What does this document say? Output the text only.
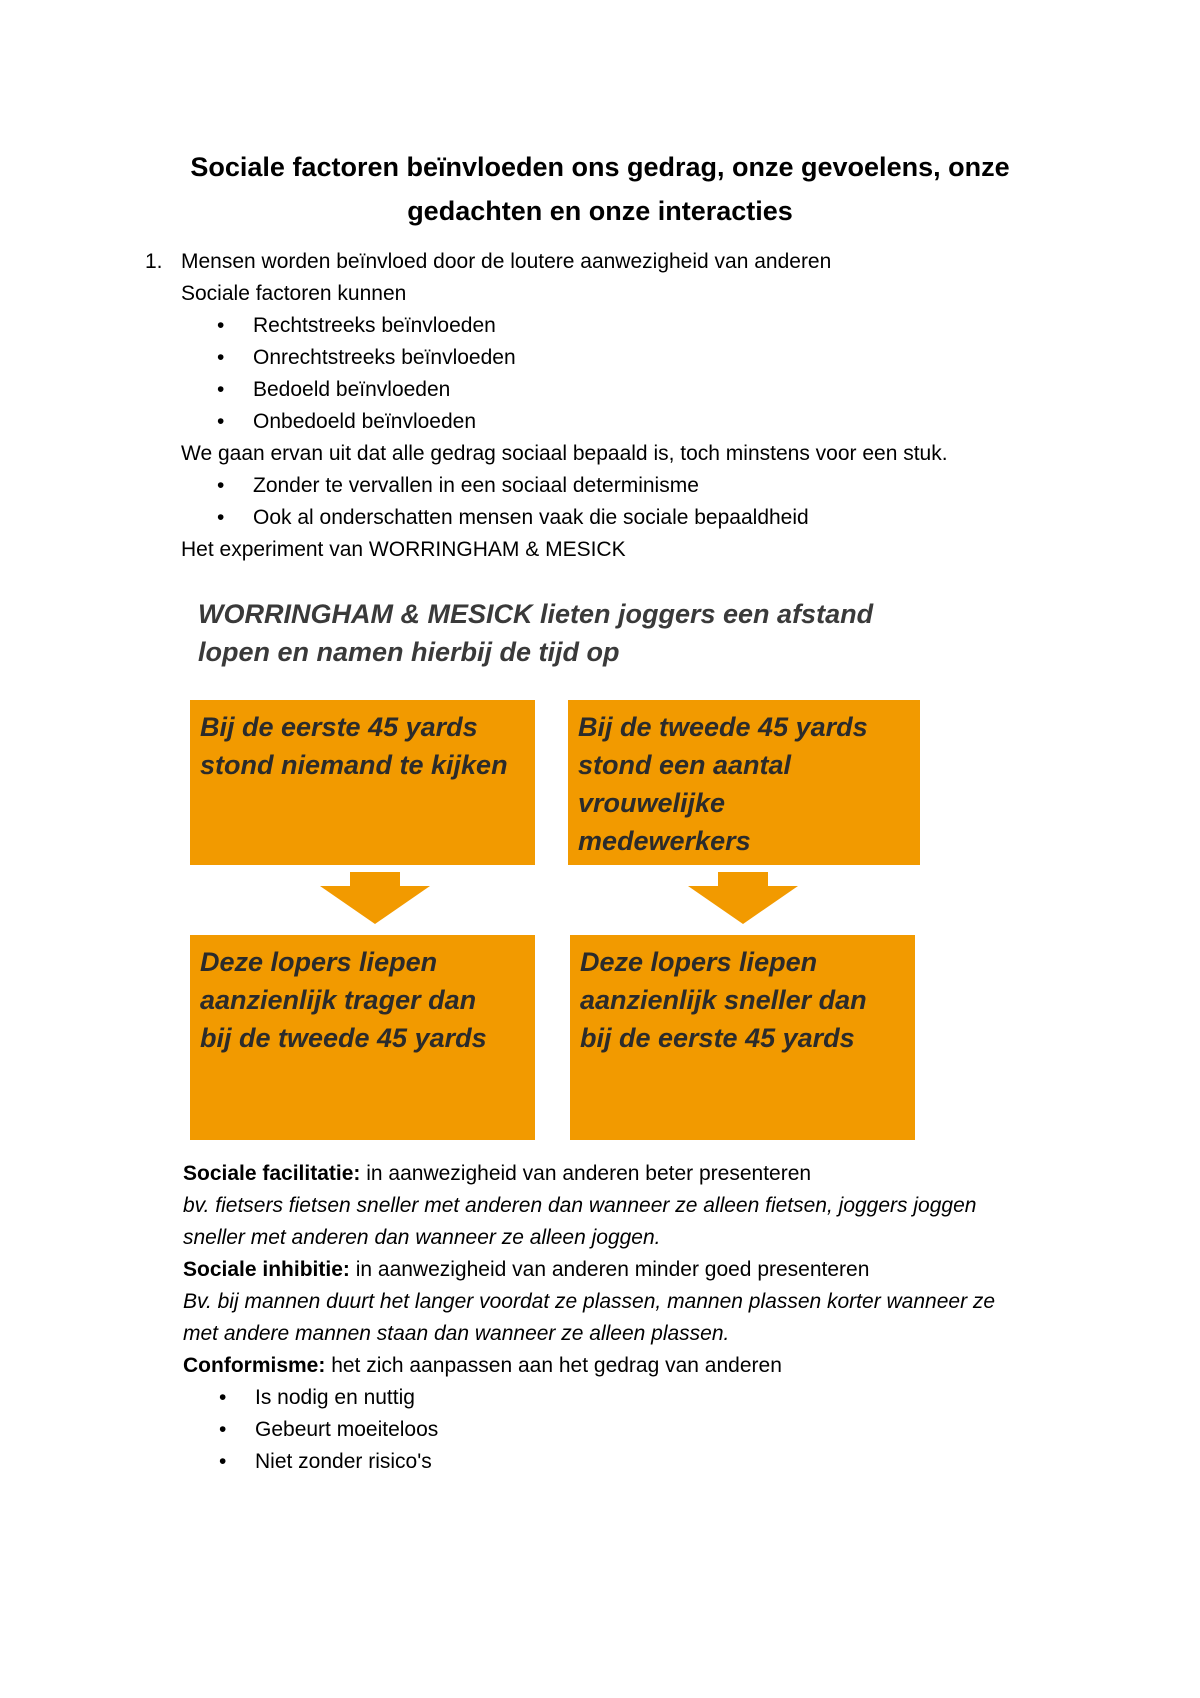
Sociale factoren beïnvloeden ons gedrag, onze gevoelens, onze
gedachten en onze interacties
1. Mensen worden beïnvloed door de loutere aanwezigheid van anderen
Sociale factoren kunnen
• Rechtstreeks beïnvloeden
• Onrechtstreeks beïnvloeden
• Bedoeld beïnvloeden
• Onbedoeld beïnvloeden
We gaan ervan uit dat alle gedrag sociaal bepaald is, toch minstens voor een stuk.
• Zonder te vervallen in een sociaal determinisme
• Ook al onderschatten mensen vaak die sociale bepaaldheid
Het experiment van WORRINGHAM & MESICK
WORRINGHAM & MESICK lieten joggers een afstand
lopen en namen hierbij de tijd op
Bij de eerste 45 yards
stond niemand te kijken
Bij de tweede 45 yards
stond een aantal
vrouwelijke
medewerkers
Deze lopers liepen
aanzienlijk trager dan
bij de tweede 45 yards
Deze lopers liepen
aanzienlijk sneller dan
bij de eerste 45 yards
Sociale facilitatie: in aanwezigheid van anderen beter presenteren
bv. fietsers fietsen sneller met anderen dan wanneer ze alleen fietsen, joggers joggen
sneller met anderen dan wanneer ze alleen joggen.
Sociale inhibitie: in aanwezigheid van anderen minder goed presenteren
Bv. bij mannen duurt het langer voordat ze plassen, mannen plassen korter wanneer ze
met andere mannen staan dan wanneer ze alleen plassen.
Conformisme: het zich aanpassen aan het gedrag van anderen
• Is nodig en nuttig
• Gebeurt moeiteloos
• Niet zonder risico's
